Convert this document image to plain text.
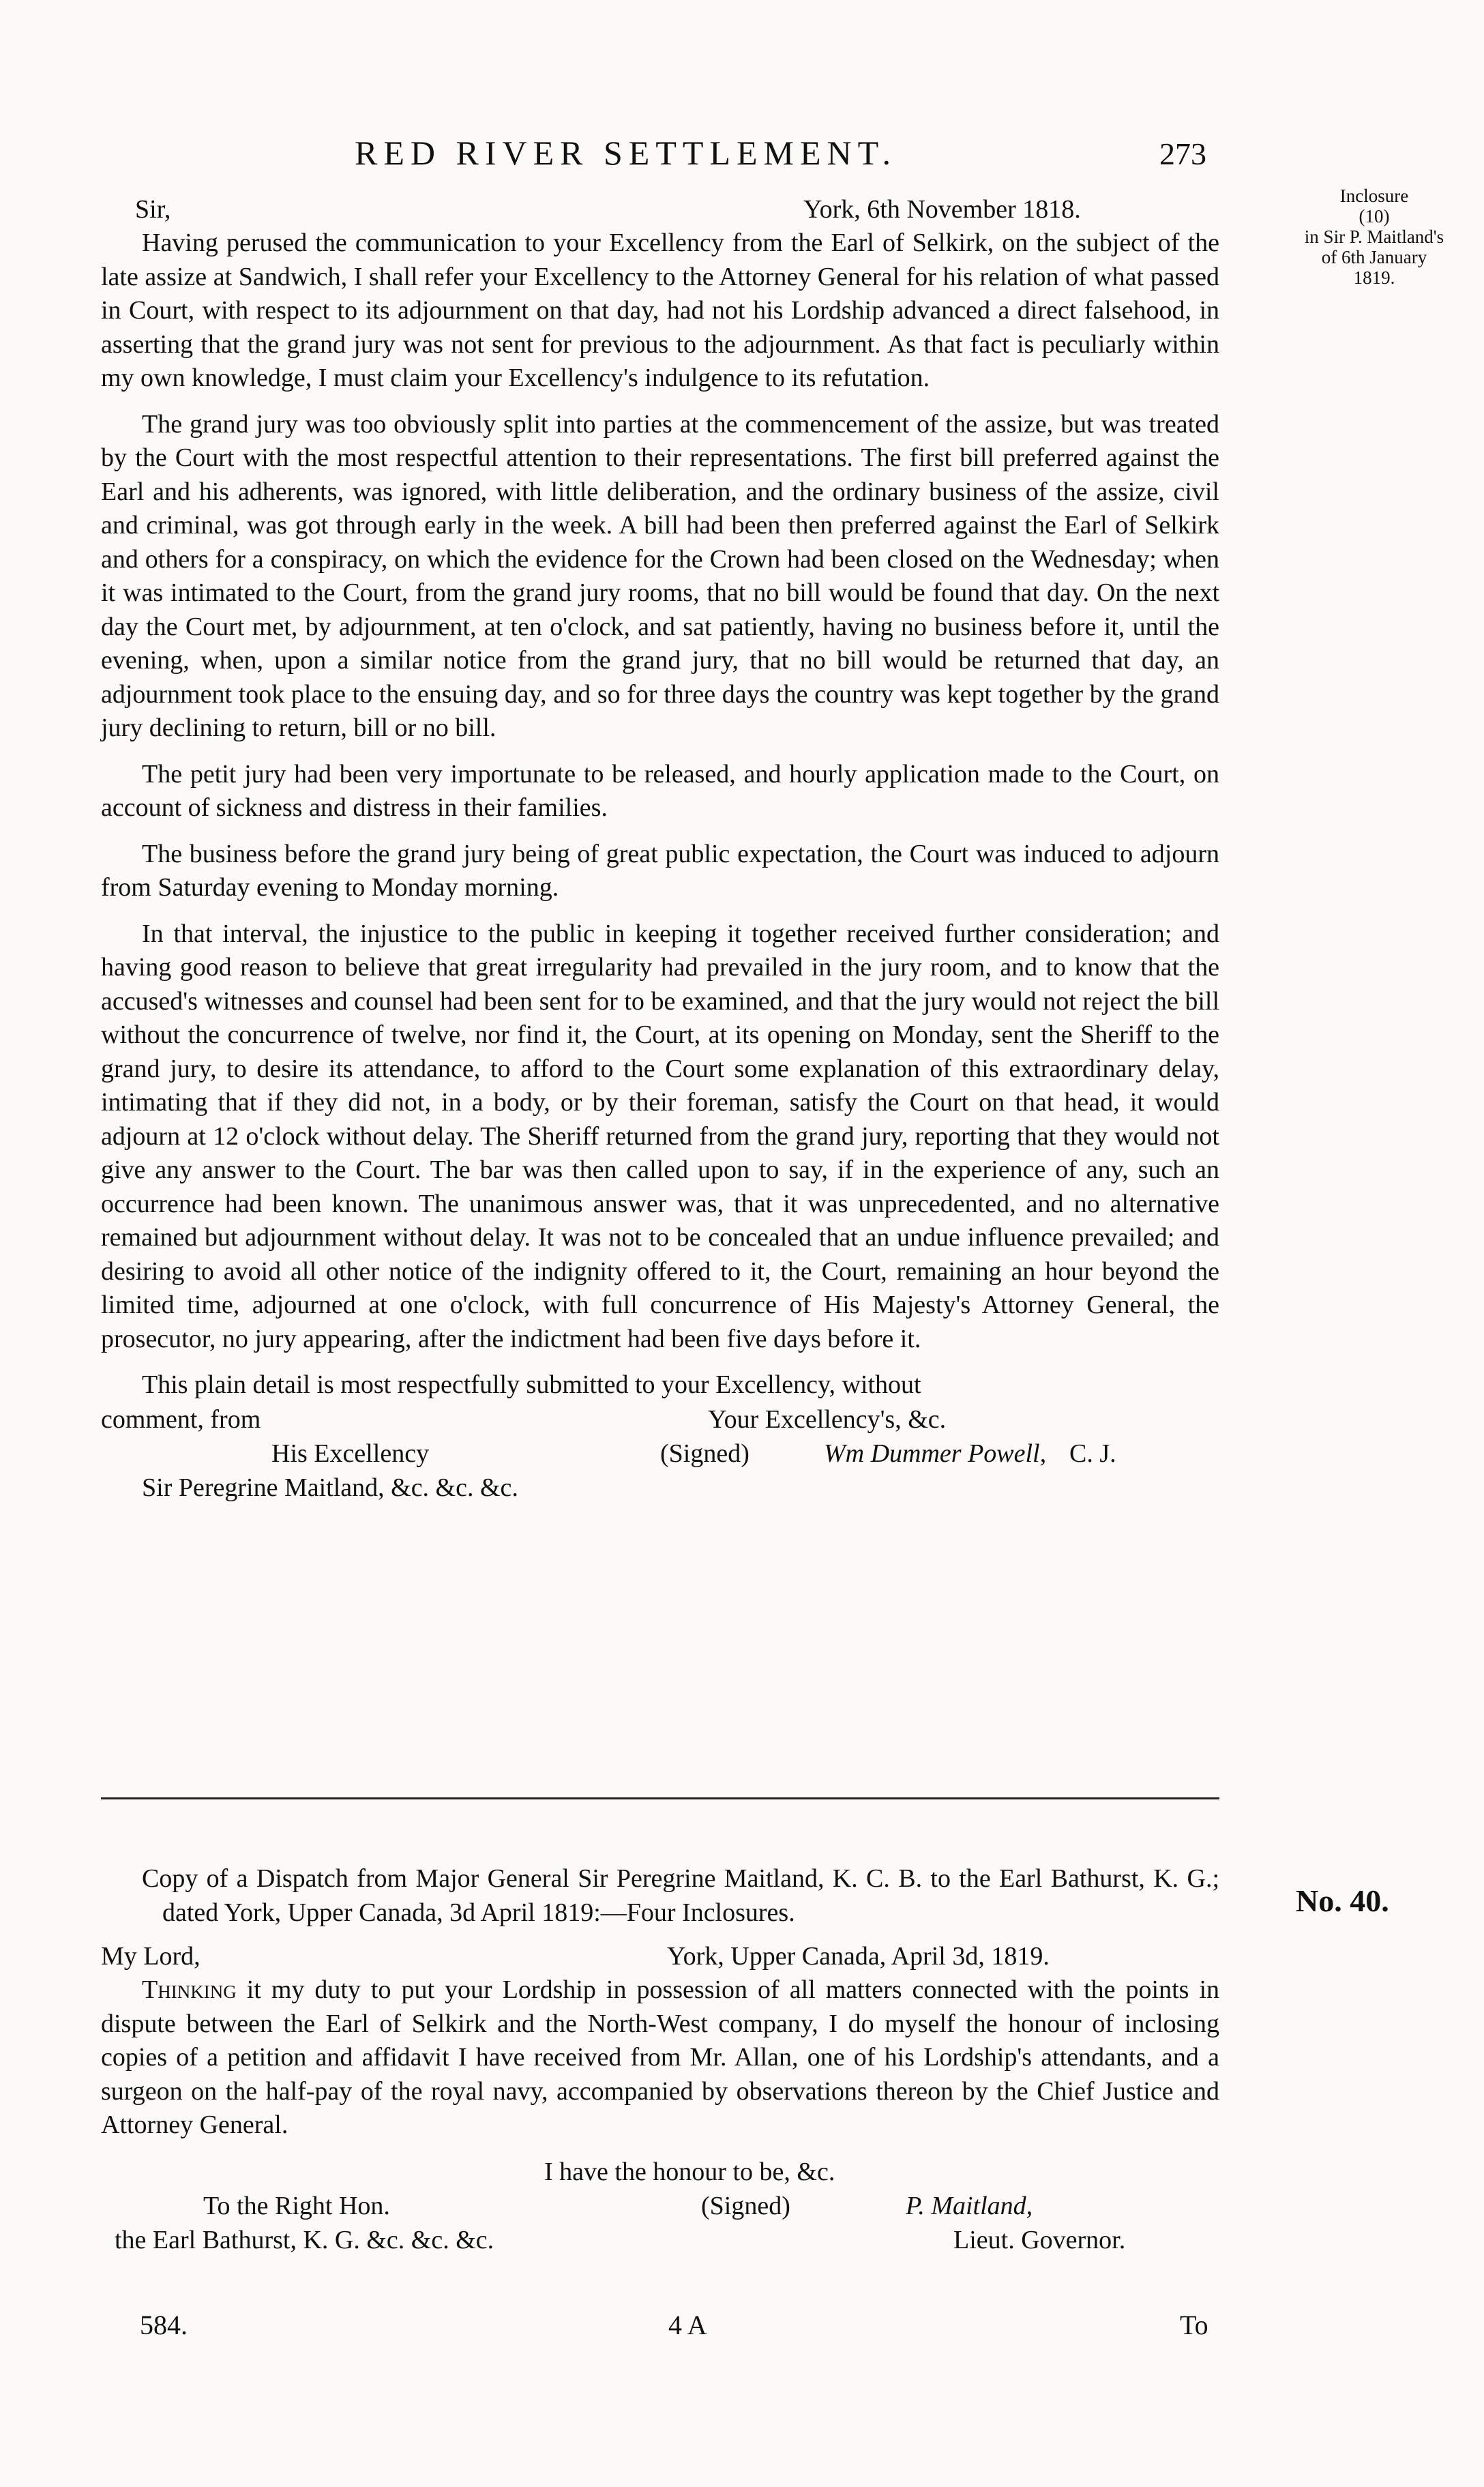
RED RIVER SETTLEMENT.	273
Inclosure
(10)
in Sir P. Maitland's
of 6th January
1819.
Sir,	York, 6th November 1818.

Having perused the communication to your Excellency from the Earl of Selkirk, on the subject of the late assize at Sandwich, I shall refer your Excellency to the Attorney General for his relation of what passed in Court, with respect to its adjournment on that day, had not his Lordship advanced a direct falsehood, in asserting that the grand jury was not sent for previous to the adjournment. As that fact is peculiarly within my own knowledge, I must claim your Excellency's indulgence to its refutation.

The grand jury was too obviously split into parties at the commencement of the assize, but was treated by the Court with the most respectful attention to their representations. The first bill preferred against the Earl and his adherents, was ignored, with little deliberation, and the ordinary business of the assize, civil and criminal, was got through early in the week. A bill had been then preferred against the Earl of Selkirk and others for a conspiracy, on which the evidence for the Crown had been closed on the Wednesday; when it was intimated to the Court, from the grand jury rooms, that no bill would be found that day. On the next day the Court met, by adjournment, at ten o'clock, and sat patiently, having no business before it, until the evening, when, upon a similar notice from the grand jury, that no bill would be returned that day, an adjournment took place to the ensuing day, and so for three days the country was kept together by the grand jury declining to return, bill or no bill.

The petit jury had been very importunate to be released, and hourly application made to the Court, on account of sickness and distress in their families.

The business before the grand jury being of great public expectation, the Court was induced to adjourn from Saturday evening to Monday morning.

In that interval, the injustice to the public in keeping it together received further consideration; and having good reason to believe that great irregularity had prevailed in the jury room, and to know that the accused's witnesses and counsel had been sent for to be examined, and that the jury would not reject the bill without the concurrence of twelve, nor find it, the Court, at its opening on Monday, sent the Sheriff to the grand jury, to desire its attendance, to afford to the Court some explanation of this extraordinary delay, intimating that if they did not, in a body, or by their foreman, satisfy the Court on that head, it would adjourn at 12 o'clock without delay. The Sheriff returned from the grand jury, reporting that they would not give any answer to the Court. The bar was then called upon to say, if in the experience of any, such an occurrence had been known. The unanimous answer was, that it was unprecedented, and no alternative remained but adjournment without delay. It was not to be concealed that an undue influence prevailed; and desiring to avoid all other notice of the indignity offered to it, the Court, remaining an hour beyond the limited time, adjourned at one o'clock, with full concurrence of His Majesty's Attorney General, the prosecutor, no jury appearing, after the indictment had been five days before it.

This plain detail is most respectfully submitted to your Excellency, without

comment, from	Your Excellency's, &c.
His Excellency	(Signed)	Wm Dummer Powell, C. J.
Sir Peregrine Maitland, &c. &c. &c.
No. 40.

Copy of a Dispatch from Major General Sir Peregrine Maitland, K. C. B. to the Earl Bathurst, K. G.; dated York, Upper Canada, 3d April 1819:—Four Inclosures.

My Lord,	York, Upper Canada, April 3d, 1819.

Thinking it my duty to put your Lordship in possession of all matters connected with the points in dispute between the Earl of Selkirk and the North-West company, I do myself the honour of inclosing copies of a petition and affidavit I have received from Mr. Allan, one of his Lordship's attendants, and a surgeon on the half-pay of the royal navy, accompanied by observations thereon by the Chief Justice and Attorney General.

I have the honour to be, &c.
To the Right Hon.	(Signed)	P. Maitland,
the Earl Bathurst, K. G. &c. &c. &c.	Lieut. Governor.
584.	4 A	To
